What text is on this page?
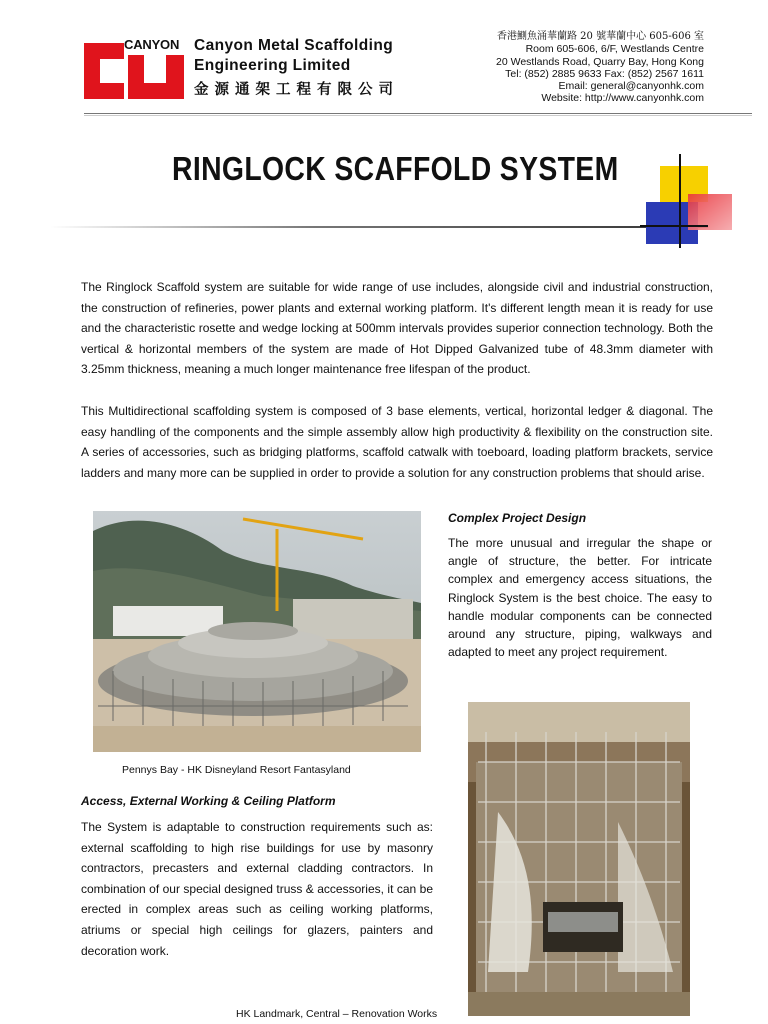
CANYON Canyon Metal Scaffolding
Engineering Limited
金源通架工程有限公司
香港鰂魚涌華蘭路 20 號華蘭中心 605-606 室
Room 605-606, 6/F, Westlands Centre
20 Westlands Road, Quarry Bay, Hong Kong
Tel: (852) 2885 9633 Fax: (852) 2567 1611
Email: general@canyonhk.com
Website: http://www.canyonhk.com
RINGLOCK SCAFFOLD SYSTEM
The Ringlock Scaffold system are suitable for wide range of use includes, alongside civil and industrial construction, the construction of refineries, power plants and external working platform. It's different length mean it is ready for use and the characteristic rosette and wedge locking at 500mm intervals provides superior connection technology. Both the vertical & horizontal members of the system are made of Hot Dipped Galvanized tube of 48.3mm diameter with 3.25mm thickness, meaning a much longer maintenance free lifespan of the product.
This Multidirectional scaffolding system is composed of 3 base elements, vertical, horizontal ledger & diagonal. The easy handling of the components and the simple assembly allow high productivity & flexibility on the construction site. A series of accessories, such as bridging platforms, scaffold catwalk with toeboard, loading platform brackets, service ladders and many more can be supplied in order to provide a solution for any construction problems that should arise.
Pennys Bay - HK Disneyland Resort Fantasyland
Complex Project Design
The more unusual and irregular the shape or angle of structure, the better. For intricate complex and emergency access situations, the Ringlock System is the best choice. The easy to handle modular components can be connected around any structure, piping, walkways and adapted to meet any project requirement.
Access, External Working & Ceiling Platform
The System is adaptable to construction requirements such as: external scaffolding to high rise buildings for use by masonry contractors, precasters and external cladding contractors. In combination of our special designed truss & accessories, it can be erected in complex areas such as ceiling working platforms, atriums or special high ceilings for glazers, painters and decoration work.
HK Landmark, Central – Renovation Works
